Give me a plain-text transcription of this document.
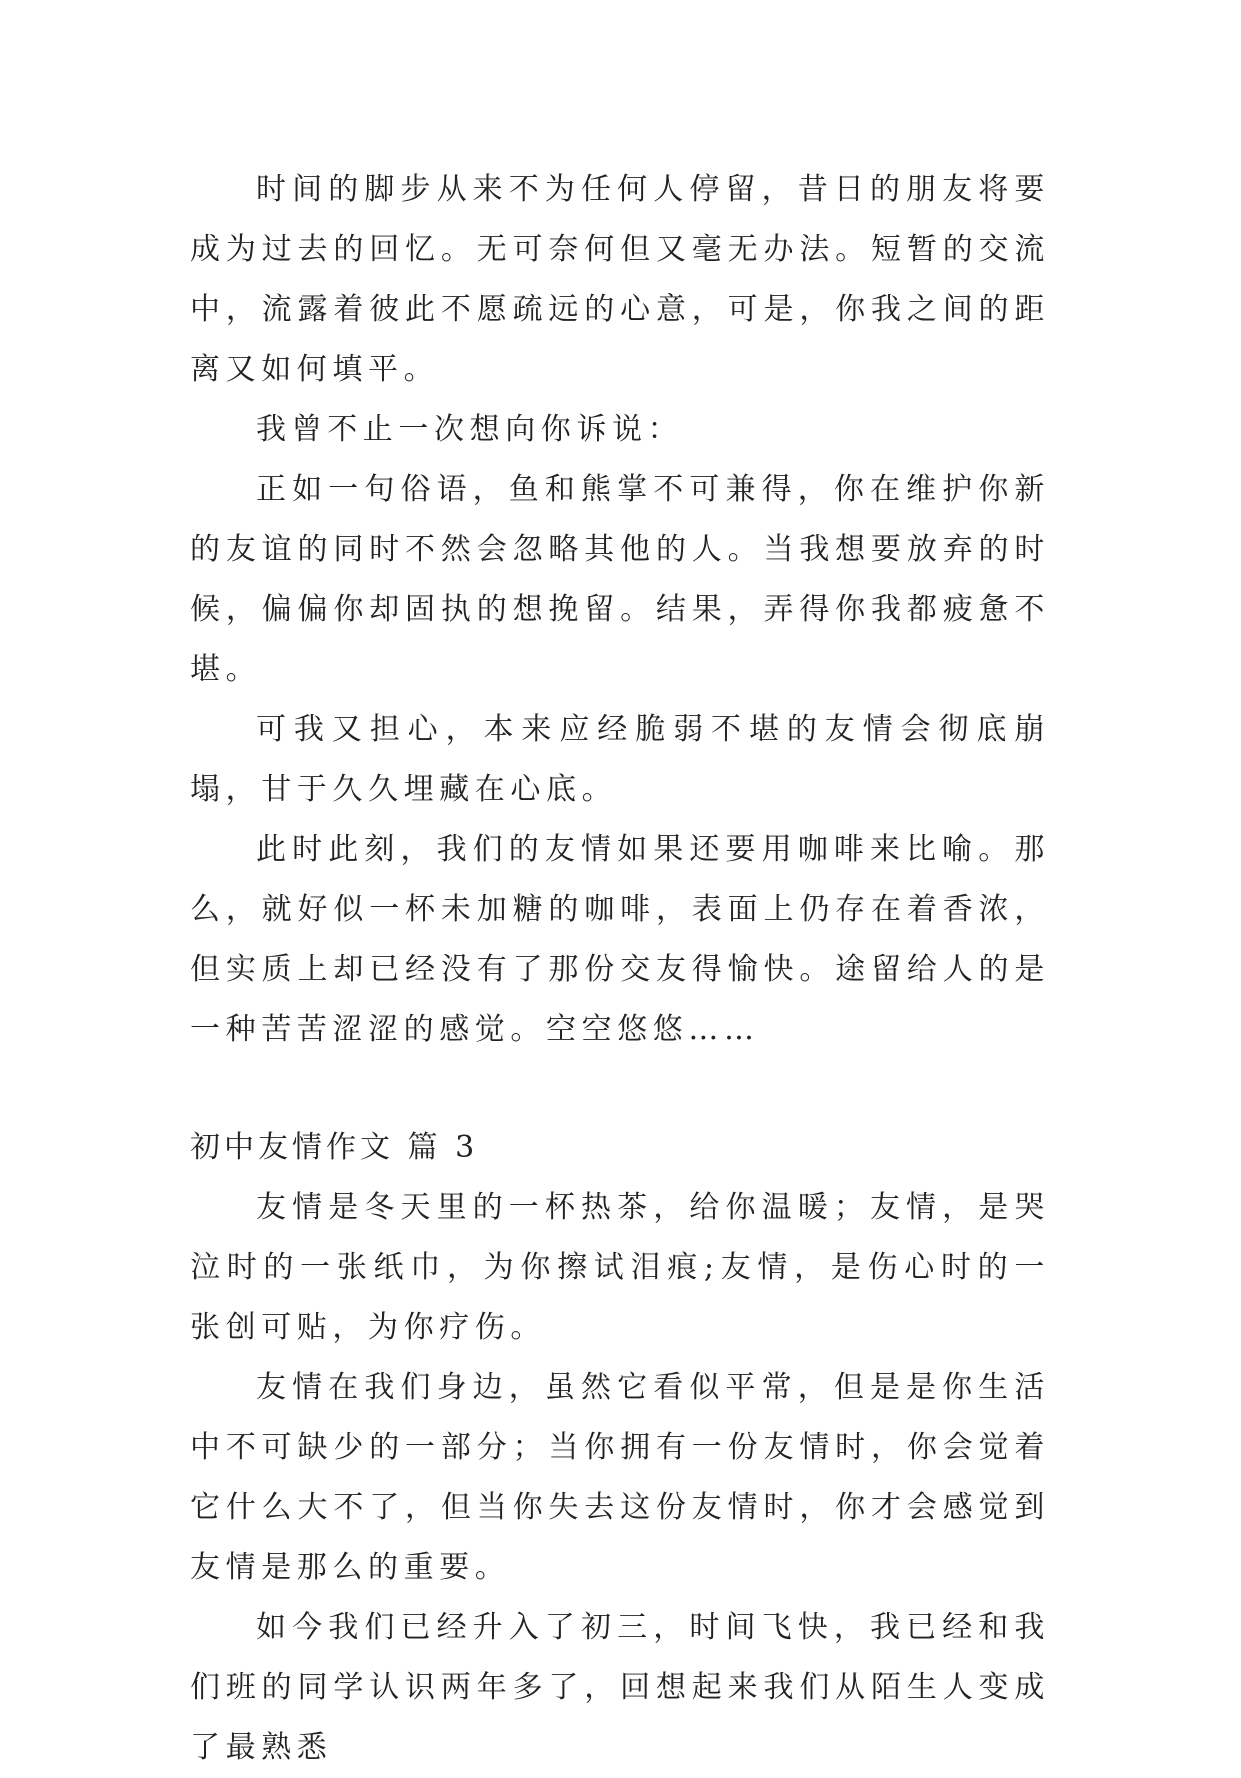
时间的脚步从来不为任何人停留，昔日的朋友将要成为过去的回忆。无可奈何但又毫无办法。短暂的交流中，流露着彼此不愿疏远的心意，可是，你我之间的距离又如何填平。

我曾不止一次想向你诉说：

正如一句俗语，鱼和熊掌不可兼得，你在维护你新的友谊的同时不然会忽略其他的人。当我想要放弃的时候，偏偏你却固执的想挽留。结果，弄得你我都疲惫不堪。

可我又担心，本来应经脆弱不堪的友情会彻底崩塌，甘于久久埋藏在心底。

此时此刻，我们的友情如果还要用咖啡来比喻。那么，就好似一杯未加糖的咖啡，表面上仍存在着香浓，但实质上却已经没有了那份交友得愉快。途留给人的是一种苦苦涩涩的感觉。空空悠悠……

初中友情作文 篇 3

友情是冬天里的一杯热茶，给你温暖；友情，是哭泣时的一张纸巾，为你擦试泪痕;友情，是伤心时的一张创可贴，为你疗伤。

友情在我们身边，虽然它看似平常，但是是你生活中不可缺少的一部分；当你拥有一份友情时，你会觉着它什么大不了，但当你失去这份友情时，你才会感觉到友情是那么的重要。

如今我们已经升入了初三，时间飞快，我已经和我们班的同学认识两年多了，回想起来我们从陌生人变成了最熟悉
